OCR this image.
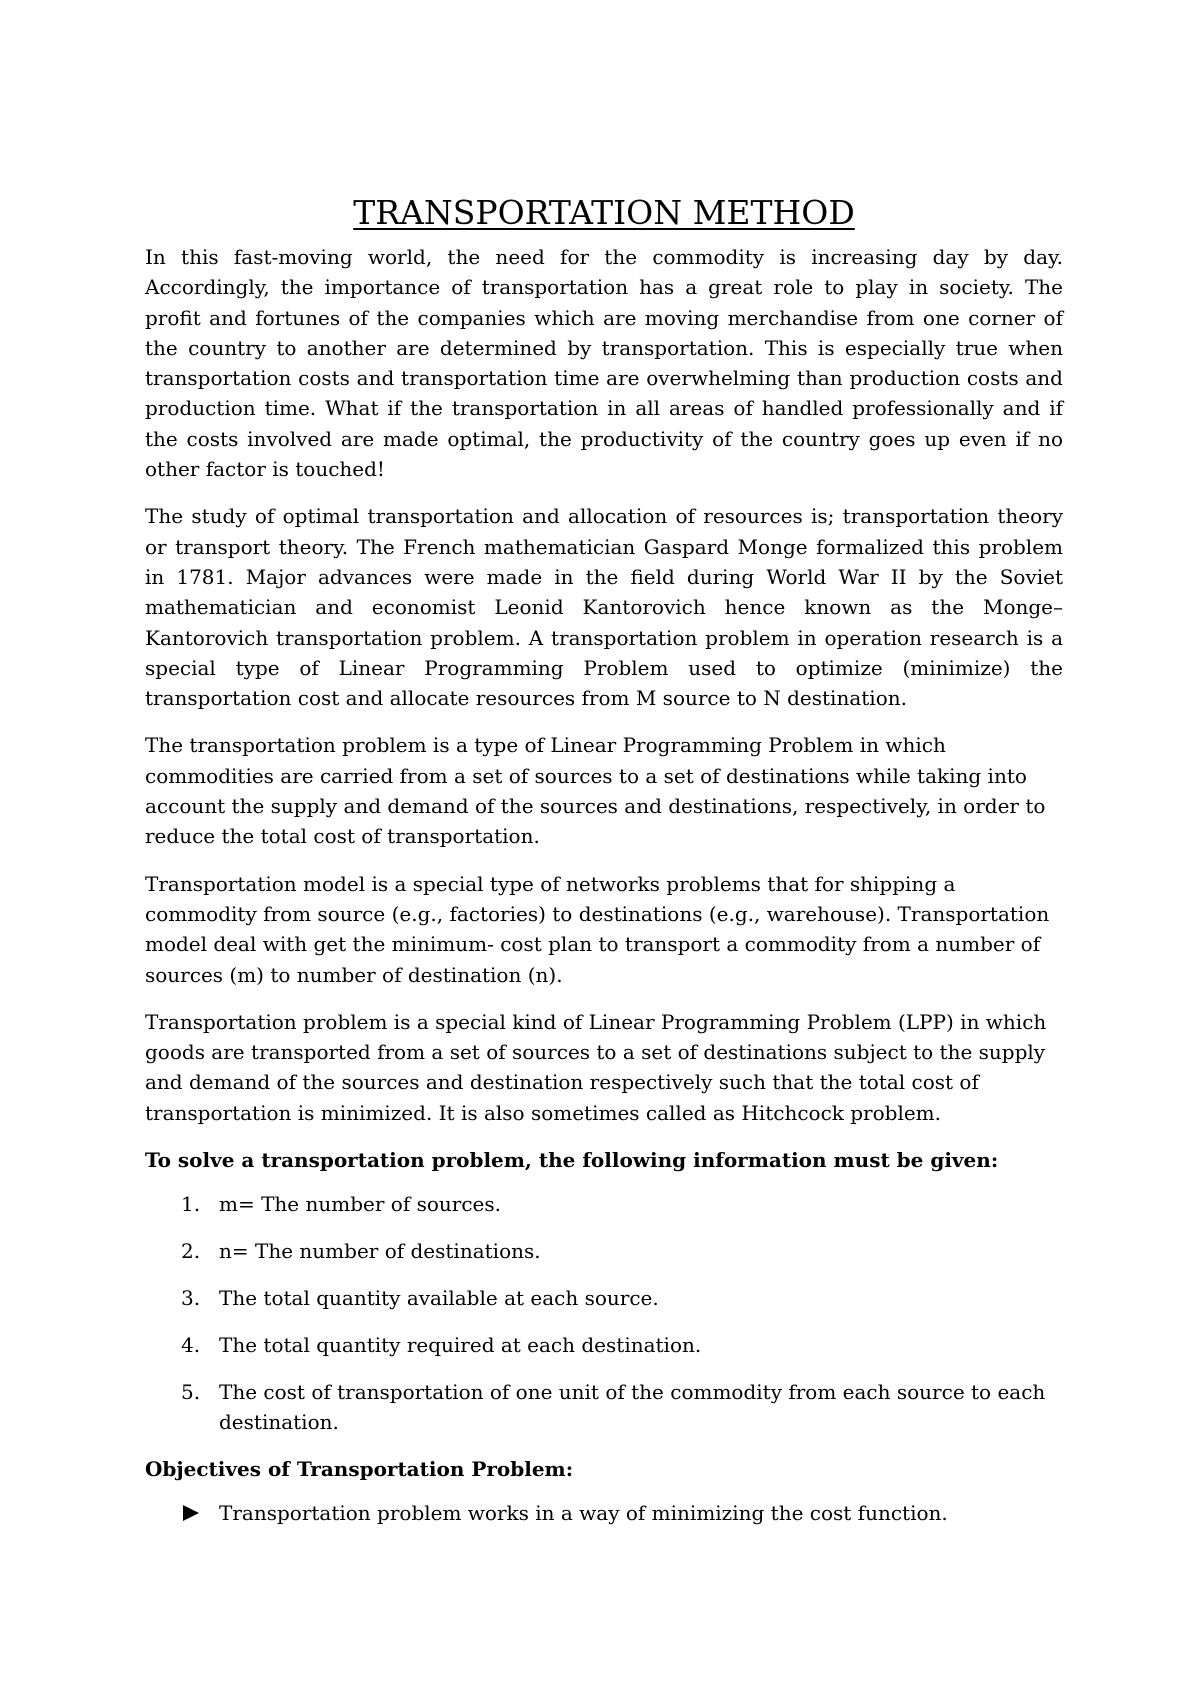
TRANSPORTATION METHOD

In this fast-moving world, the need for the commodity is increasing day by day. Accordingly, the importance of transportation has a great role to play in society. The profit and fortunes of the companies which are moving merchandise from one corner of the country to another are determined by transportation. This is especially true when transportation costs and transportation time are overwhelming than production costs and production time. What if the transportation in all areas of handled professionally and if the costs involved are made optimal, the productivity of the country goes up even if no other factor is touched!

The study of optimal transportation and allocation of resources is; transportation theory or transport theory. The French mathematician Gaspard Monge formalized this problem in 1781. Major advances were made in the field during World War II by the Soviet mathematician and economist Leonid Kantorovich hence known as the Monge–Kantorovich transportation problem. A transportation problem in operation research is a special type of Linear Programming Problem used to optimize (minimize) the transportation cost and allocate resources from M source to N destination.

The transportation problem is a type of Linear Programming Problem in which commodities are carried from a set of sources to a set of destinations while taking into account the supply and demand of the sources and destinations, respectively, in order to reduce the total cost of transportation.

Transportation model is a special type of networks problems that for shipping a commodity from source (e.g., factories) to destinations (e.g., warehouse). Transportation model deal with get the minimum- cost plan to transport a commodity from a number of sources (m) to number of destination (n).

Transportation problem is a special kind of Linear Programming Problem (LPP) in which goods are transported from a set of sources to a set of destinations subject to the supply and demand of the sources and destination respectively such that the total cost of transportation is minimized. It is also sometimes called as Hitchcock problem.

To solve a transportation problem, the following information must be given:
1. m= The number of sources.
2. n= The number of destinations.
3. The total quantity available at each source.
4. The total quantity required at each destination.
5. The cost of transportation of one unit of the commodity from each source to each destination.
Objectives of Transportation Problem:
Transportation problem works in a way of minimizing the cost function.
